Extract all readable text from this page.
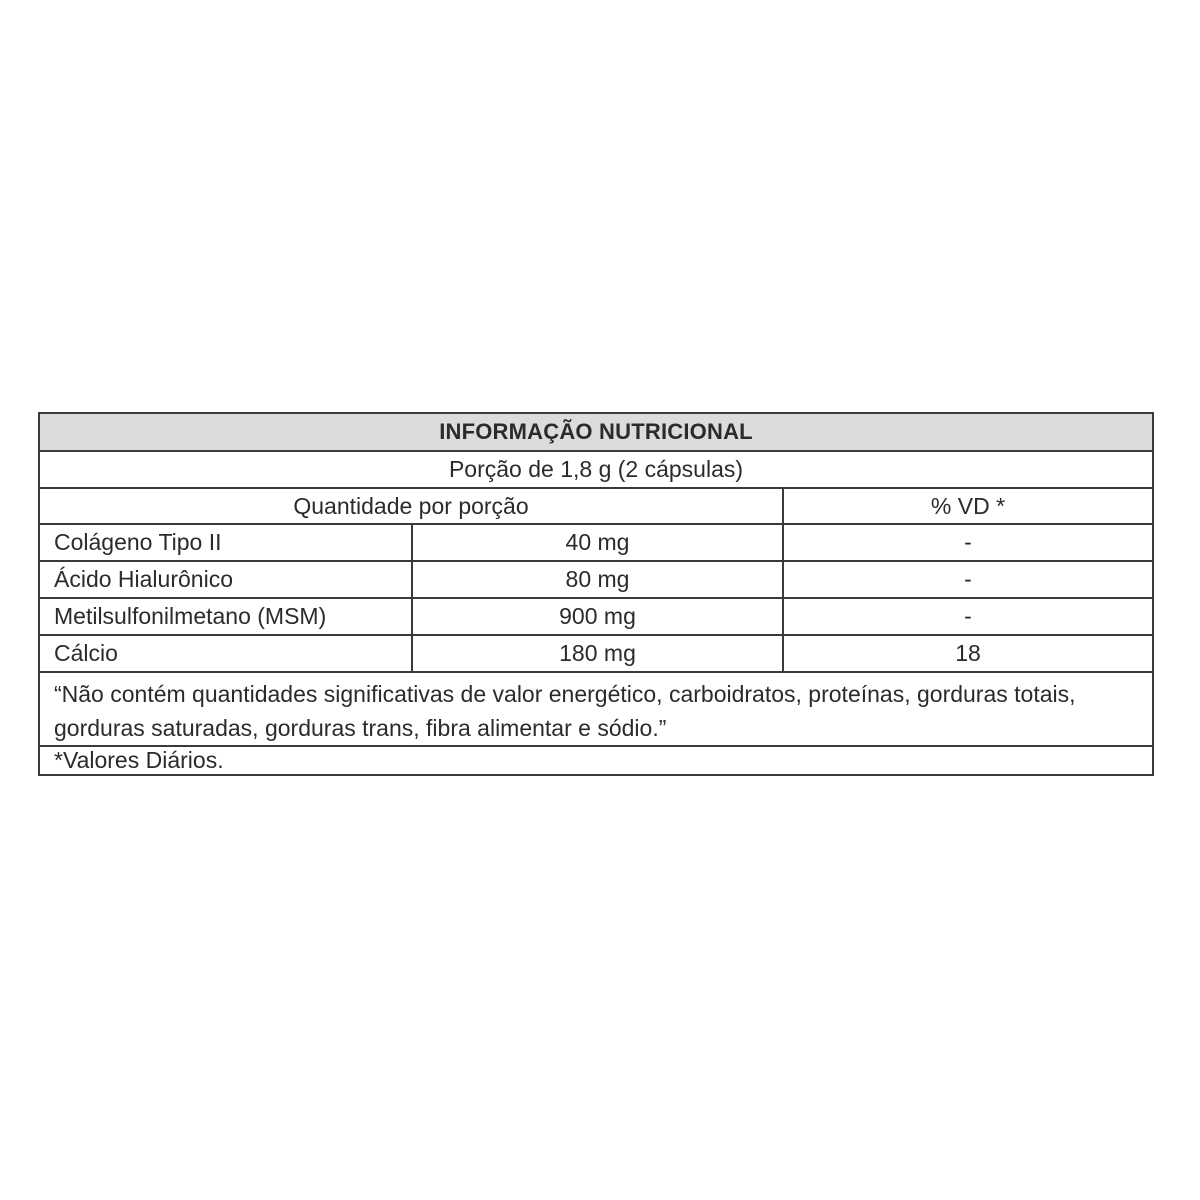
INFORMAÇÃO NUTRICIONAL
Porção de 1,8 g (2 cápsulas)
Quantidade por porção	% VD *
Colágeno Tipo II	40 mg	-
Ácido Hialurônico	80 mg	-
Metilsulfonilmetano (MSM)	900 mg	-
Cálcio	180 mg	18
“Não contém quantidades significativas de valor energético, carboidratos, proteínas, gorduras totais, gorduras saturadas, gorduras trans, fibra alimentar e sódio.”
*Valores Diários.
